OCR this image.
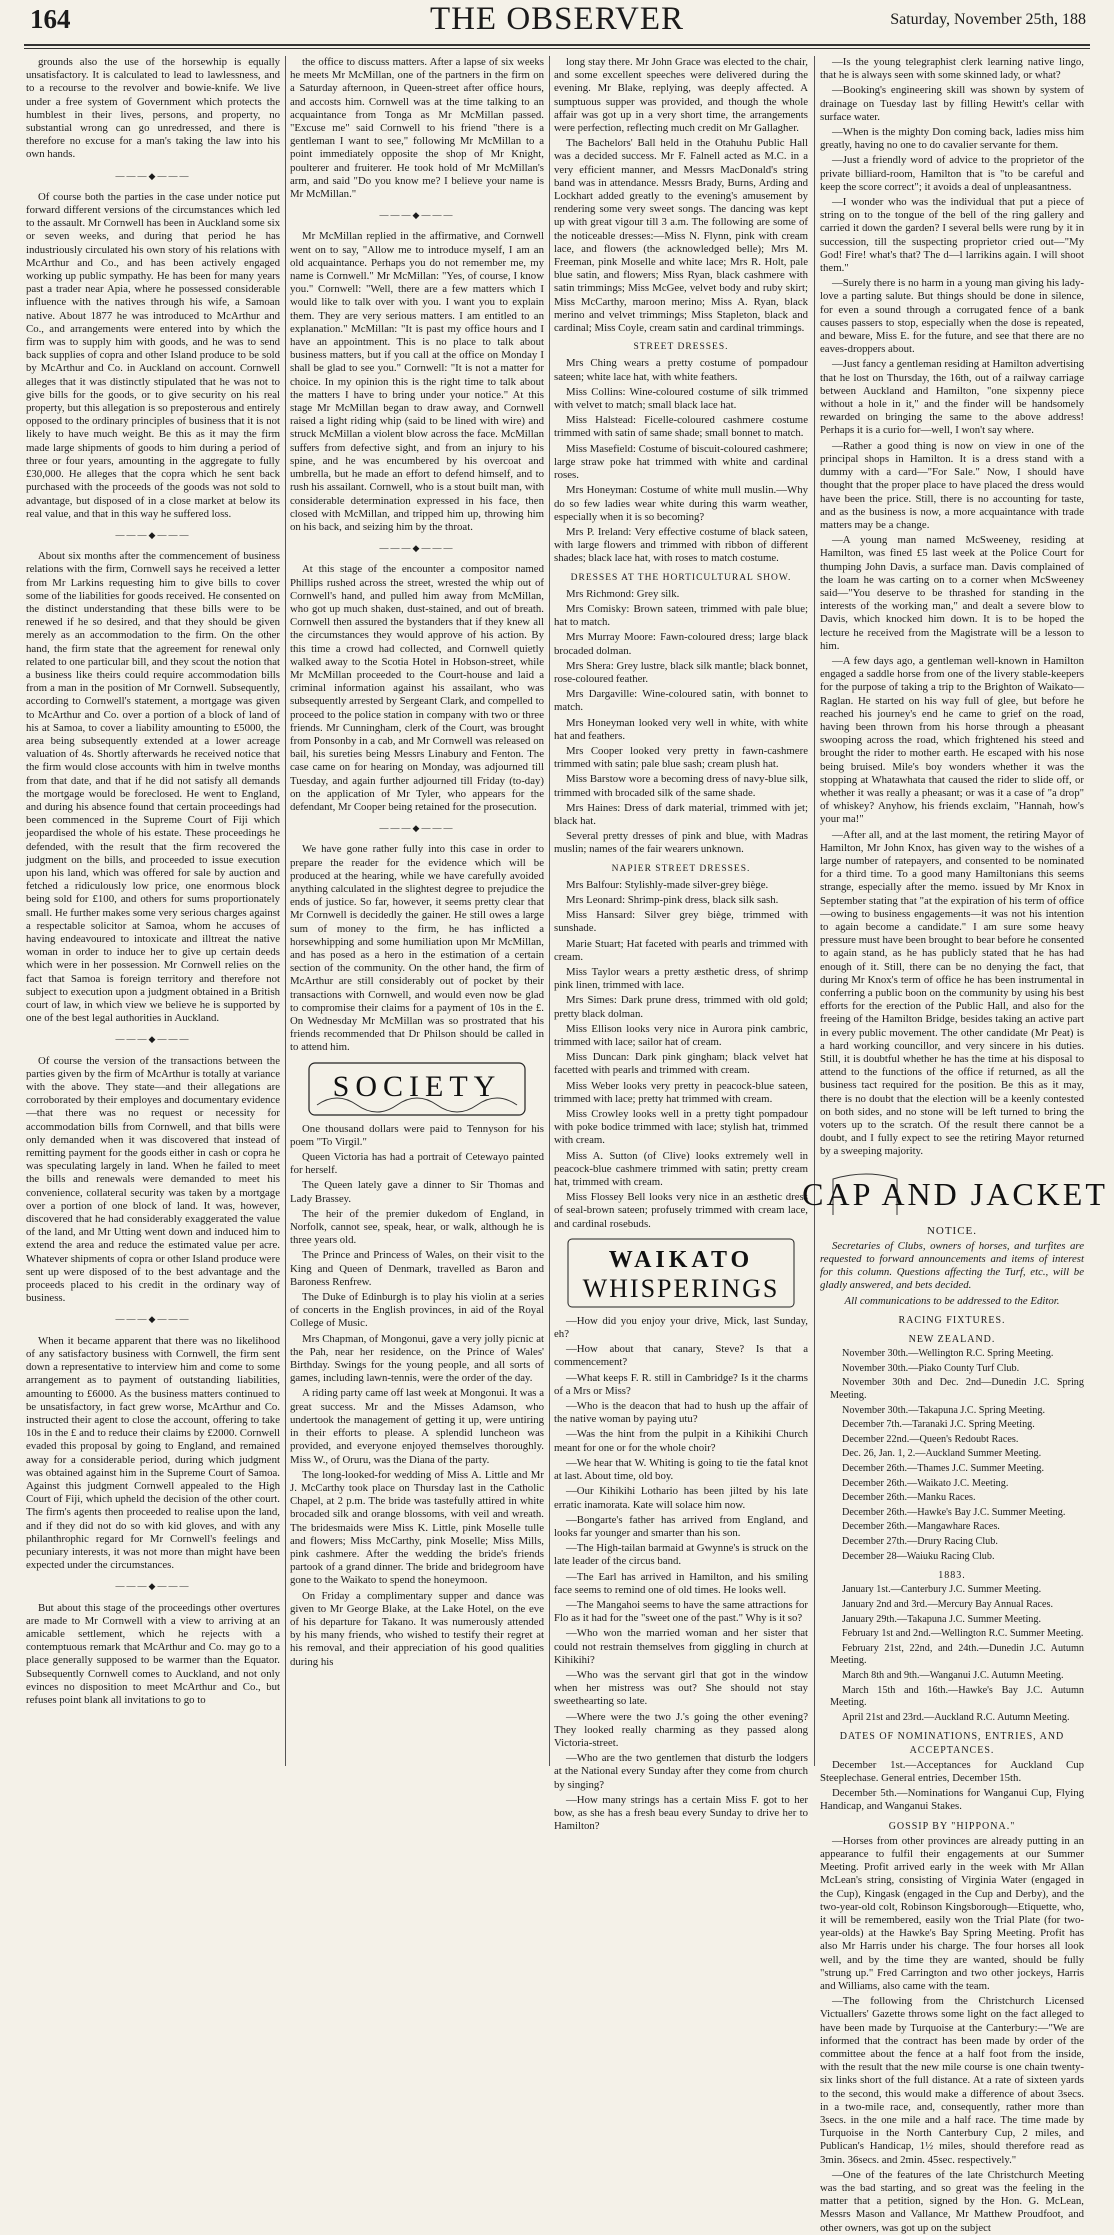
164	THE OBSERVER	Saturday, November 25th, 188

grounds also the use of the horsewhip is equally unsatisfactory. It is calculated to lead to lawlessness, and to a recourse to the revolver and bowie-knife. We live under a free system of Government which protects the humblest in their lives, persons, and property, no substantial wrong can go unredressed, and there is therefore no excuse for a man's taking the law into his own hands.

———◆———

Of course both the parties in the case under notice put forward different versions of the circumstances which led to the assault. Mr Cornwell has been in Auckland some six or seven weeks, and during that period he has industriously circulated his own story of his relations with McArthur and Co., and has been actively engaged working up public sympathy. He has been for many years past a trader near Apia, where he possessed considerable influence with the natives through his wife, a Samoan native. About 1877 he was introduced to McArthur and Co., and arrangements were entered into by which the firm was to supply him with goods, and he was to send back supplies of copra and other Island produce to be sold by McArthur and Co. in Auckland on account. Cornwell alleges that it was distinctly stipulated that he was not to give bills for the goods, or to give security on his real property, but this allegation is so preposterous and entirely opposed to the ordinary principles of business that it is not likely to have much weight. Be this as it may the firm made large shipments of goods to him during a period of three or four years, amounting in the aggregate to fully £30,000. He alleges that the copra which he sent back purchased with the proceeds of the goods was not sold to advantage, but disposed of in a close market at below its real value, and that in this way he suffered loss.

———◆———

About six months after the commencement of business relations with the firm, Cornwell says he received a letter from Mr Larkins requesting him to give bills to cover some of the liabilities for goods received. He consented on the distinct understanding that these bills were to be renewed if he so desired, and that they should be given merely as an accommodation to the firm. On the other hand, the firm state that the agreement for renewal only related to one particular bill, and they scout the notion that a business like theirs could require accommodation bills from a man in the position of Mr Cornwell. Subsequently, according to Cornwell's statement, a mortgage was given to McArthur and Co. over a portion of a block of land of his at Samoa, to cover a liability amounting to £5000, the area being subsequently extended at a lower acreage valuation of 4s. Shortly afterwards he received notice that the firm would close accounts with him in twelve months from that date, and that if he did not satisfy all demands the mortgage would be foreclosed. He went to England, and during his absence found that certain proceedings had been commenced in the Supreme Court of Fiji which jeopardised the whole of his estate. These proceedings he defended, with the result that the firm recovered the judgment on the bills, and proceeded to issue execution upon his land, which was offered for sale by auction and fetched a ridiculously low price, one enormous block being sold for £100, and others for sums proportionately small. He further makes some very serious charges against a respectable solicitor at Samoa, whom he accuses of having endeavoured to intoxicate and illtreat the native woman in order to induce her to give up certain deeds which were in her possession. Mr Cornwell relies on the fact that Samoa is foreign territory and therefore not subject to execution upon a judgment obtained in a British court of law, in which view we believe he is supported by one of the best legal authorities in Auckland.

———◆———

Of course the version of the transactions between the parties given by the firm of McArthur is totally at variance with the above. They state—and their allegations are corroborated by their employes and documentary evidence—that there was no request or necessity for accommodation bills from Cornwell, and that bills were only demanded when it was discovered that instead of remitting payment for the goods either in cash or copra he was speculating largely in land. When he failed to meet the bills and renewals were demanded to meet his convenience, collateral security was taken by a mortgage over a portion of one block of land. It was, however, discovered that he had considerably exaggerated the value of the land, and Mr Utting went down and induced him to extend the area and reduce the estimated value per acre. Whatever shipments of copra or other Island produce were sent up were disposed of to the best advantage and the proceeds placed to his credit in the ordinary way of business.

———◆———

When it became apparent that there was no likelihood of any satisfactory business with Cornwell, the firm sent down a representative to interview him and come to some arrangement as to payment of outstanding liabilities, amounting to £6000. As the business matters continued to be unsatisfactory, in fact grew worse, McArthur and Co. instructed their agent to close the account, offering to take 10s in the £ and to reduce their claims by £2000. Cornwell evaded this proposal by going to England, and remained away for a considerable period, during which judgment was obtained against him in the Supreme Court of Samoa. Against this judgment Cornwell appealed to the High Court of Fiji, which upheld the decision of the other court. The firm's agents then proceeded to realise upon the land, and if they did not do so with kid gloves, and with any philanthrophic regard for Mr Cornwell's feelings and pecuniary interests, it was not more than might have been expected under the circumstances.

———◆———

But about this stage of the proceedings other overtures are made to Mr Cornwell with a view to arriving at an amicable settlement, which he rejects with a contemptuous remark that McArthur and Co. may go to a place generally supposed to be warmer than the Equator. Subsequently Cornwell comes to Auckland, and not only evinces no disposition to meet McArthur and Co., but refuses point blank all invitations to go to

the office to discuss matters. After a lapse of six weeks he meets Mr McMillan, one of the partners in the firm on a Saturday afternoon, in Queen-street after office hours, and accosts him. Cornwell was at the time talking to an acquaintance from Tonga as Mr McMillan passed. "Excuse me" said Cornwell to his friend "there is a gentleman I want to see," following Mr McMillan to a point immediately opposite the shop of Mr Knight, poulterer and fruiterer. He took hold of Mr McMillan's arm, and said "Do you know me? I believe your name is Mr McMillan."

———◆———

Mr McMillan replied in the affirmative, and Cornwell went on to say, "Allow me to introduce myself, I am an old acquaintance. Perhaps you do not remember me, my name is Cornwell." Mr McMillan: "Yes, of course, I know you." Cornwell: "Well, there are a few matters which I would like to talk over with you. I want you to explain them. They are very serious matters. I am entitled to an explanation." McMillan: "It is past my office hours and I have an appointment. This is no place to talk about business matters, but if you call at the office on Monday I shall be glad to see you." Cornwell: "It is not a matter for choice. In my opinion this is the right time to talk about the matters I have to bring under your notice." At this stage Mr McMillan began to draw away, and Cornwell raised a light riding whip (said to be lined with wire) and struck McMillan a violent blow across the face. McMillan suffers from defective sight, and from an injury to his spine, and he was encumbered by his overcoat and umbrella, but he made an effort to defend himself, and to rush his assailant. Cornwell, who is a stout built man, with considerable determination expressed in his face, then closed with McMillan, and tripped him up, throwing him on his back, and seizing him by the throat.

———◆———

At this stage of the encounter a compositor named Phillips rushed across the street, wrested the whip out of Cornwell's hand, and pulled him away from McMillan, who got up much shaken, dust-stained, and out of breath. Cornwell then assured the bystanders that if they knew all the circumstances they would approve of his action. By this time a crowd had collected, and Cornwell quietly walked away to the Scotia Hotel in Hobson-street, while Mr McMillan proceeded to the Court-house and laid a criminal information against his assailant, who was subsequently arrested by Sergeant Clark, and compelled to proceed to the police station in company with two or three friends. Mr Cunningham, clerk of the Court, was brought from Ponsonby in a cab, and Mr Cornwell was released on bail, his sureties being Messrs Linabury and Fenton. The case came on for hearing on Monday, was adjourned till Tuesday, and again further adjourned till Friday (to-day) on the application of Mr Tyler, who appears for the defendant, Mr Cooper being retained for the prosecution.

———◆———

We have gone rather fully into this case in order to prepare the reader for the evidence which will be produced at the hearing, while we have carefully avoided anything calculated in the slightest degree to prejudice the ends of justice. So far, however, it seems pretty clear that Mr Cornwell is decidedly the gainer. He still owes a large sum of money to the firm, he has inflicted a horsewhipping and some humiliation upon Mr McMillan, and has posed as a hero in the estimation of a certain section of the community. On the other hand, the firm of McArthur are still considerably out of pocket by their transactions with Cornwell, and would even now be glad to compromise their claims for a payment of 10s in the £. On Wednesday Mr McMillan was so prostrated that his friends recommended that Dr Philson should be called in to attend him.

SOCIETY

One thousand dollars were paid to Tennyson for his poem "To Virgil."

Queen Victoria has had a portrait of Cetewayo painted for herself.

The Queen lately gave a dinner to Sir Thomas and Lady Brassey.

The heir of the premier dukedom of England, in Norfolk, cannot see, speak, hear, or walk, although he is three years old.

The Prince and Princess of Wales, on their visit to the King and Queen of Denmark, travelled as Baron and Baroness Renfrew.

The Duke of Edinburgh is to play his violin at a series of concerts in the English provinces, in aid of the Royal College of Music.

Mrs Chapman, of Mongonui, gave a very jolly picnic at the Pah, near her residence, on the Prince of Wales' Birthday. Swings for the young people, and all sorts of games, including lawn-tennis, were the order of the day.

A riding party came off last week at Mongonui. It was a great success. Mr and the Misses Adamson, who undertook the management of getting it up, were untiring in their efforts to please. A splendid luncheon was provided, and everyone enjoyed themselves thoroughly. Miss W., of Oruru, was the Diana of the party.

The long-looked-for wedding of Miss A. Little and Mr J. McCarthy took place on Thursday last in the Catholic Chapel, at 2 p.m. The bride was tastefully attired in white brocaded silk and orange blossoms, with veil and wreath. The bridesmaids were Miss K. Little, pink Moselle tulle and flowers; Miss McCarthy, pink Moselle; Miss Mills, pink cashmere. After the wedding the bride's friends partook of a grand dinner. The bride and bridegroom have gone to the Waikato to spend the honeymoon.

On Friday a complimentary supper and dance was given to Mr George Blake, at the Lake Hotel, on the eve of his departure for Takano. It was numerously attended by his many friends, who wished to testify their regret at his removal, and their appreciation of his good qualities during his

long stay there. Mr John Grace was elected to the chair, and some excellent speeches were delivered during the evening. Mr Blake, replying, was deeply affected. A sumptuous supper was provided, and though the whole affair was got up in a very short time, the arrangements were perfection, reflecting much credit on Mr Gallagher.

The Bachelors' Ball held in the Otahuhu Public Hall was a decided success. Mr F. Falnell acted as M.C. in a very efficient manner, and Messrs MacDonald's string band was in attendance. Messrs Brady, Burns, Arding and Lockhart added greatly to the evening's amusement by rendering some very sweet songs. The dancing was kept up with great vigour till 3 a.m. The following are some of the noticeable dresses:—Miss N. Flynn, pink with cream lace, and flowers (the acknowledged belle); Mrs M. Freeman, pink Moselle and white lace; Mrs R. Holt, pale blue satin, and flowers; Miss Ryan, black cashmere with satin trimmings; Miss McGee, velvet body and ruby skirt; Miss McCarthy, maroon merino; Miss A. Ryan, black merino and velvet trimmings; Miss Stapleton, black and cardinal; Miss Coyle, cream satin and cardinal trimmings.

STREET DRESSES.

Mrs Ching wears a pretty costume of pompadour sateen; white lace hat, with white feathers.

Miss Collins: Wine-coloured costume of silk trimmed with velvet to match; small black lace hat.

Miss Halstead: Ficelle-coloured cashmere costume trimmed with satin of same shade; small bonnet to match.

Miss Masefield: Costume of biscuit-coloured cashmere; large straw poke hat trimmed with white and cardinal roses.

Mrs Honeyman: Costume of white mull muslin.—Why do so few ladies wear white during this warm weather, especially when it is so becoming?

Mrs P. Ireland: Very effective costume of black sateen, with large flowers and trimmed with ribbon of different shades; black lace hat, with roses to match costume.

DRESSES AT THE HORTICULTURAL SHOW.

Mrs Richmond: Grey silk.

Mrs Comisky: Brown sateen, trimmed with pale blue; hat to match.

Mrs Murray Moore: Fawn-coloured dress; large black brocaded dolman.

Mrs Shera: Grey lustre, black silk mantle; black bonnet, rose-coloured feather.

Mrs Dargaville: Wine-coloured satin, with bonnet to match.

Mrs Honeyman looked very well in white, with white hat and feathers.

Mrs Cooper looked very pretty in fawn-cashmere trimmed with satin; pale blue sash; cream plush hat.

Miss Barstow wore a becoming dress of navy-blue silk, trimmed with brocaded silk of the same shade.

Mrs Haines: Dress of dark material, trimmed with jet; black hat.

Several pretty dresses of pink and blue, with Madras muslin; names of the fair wearers unknown.

NAPIER STREET DRESSES.

Mrs Balfour: Stylishly-made silver-grey biège.

Mrs Leonard: Shrimp-pink dress, black silk sash.

Miss Hansard: Silver grey biège, trimmed with sunshade.

Marie Stuart; Hat faceted with pearls and trimmed with cream.

Miss Taylor wears a pretty æsthetic dress, of shrimp pink linen, trimmed with lace.

Mrs Simes: Dark prune dress, trimmed with old gold; pretty black dolman.

Miss Ellison looks very nice in Aurora pink cambric, trimmed with lace; sailor hat of cream.

Miss Duncan: Dark pink gingham; black velvet hat facetted with pearls and trimmed with cream.

Miss Weber looks very pretty in peacock-blue sateen, trimmed with lace; pretty hat trimmed with cream.

Miss Crowley looks well in a pretty tight pompadour with poke bodice trimmed with lace; stylish hat, trimmed with cream.

Miss A. Sutton (of Clive) looks extremely well in peacock-blue cashmere trimmed with satin; pretty cream hat, trimmed with cream.

Miss Flossey Bell looks very nice in an æsthetic dress of seal-brown sateen; profusely trimmed with cream lace, and cardinal rosebuds.

WAIKATO
WHISPERINGS

—How did you enjoy your drive, Mick, last Sunday, eh?

—How about that canary, Steve? Is that a commencement?

—What keeps F. R. still in Cambridge? Is it the charms of a Mrs or Miss?

—Who is the deacon that had to hush up the affair of the native woman by paying utu?

—Was the hint from the pulpit in a Kihikihi Church meant for one or for the whole choir?

—We hear that W. Whiting is going to tie the fatal knot at last. About time, old boy.

—Our Kihikihi Lothario has been jilted by his late erratic inamorata. Kate will solace him now.

—Bongarte's father has arrived from England, and looks far younger and smarter than his son.

—The High-tailan barmaid at Gwynne's is struck on the late leader of the circus band.

—The Earl has arrived in Hamilton, and his smiling face seems to remind one of old times. He looks well.

—The Mangahoi seems to have the same attractions for Flo as it had for the "sweet one of the past." Why is it so?

—Who won the married woman and her sister that could not restrain themselves from giggling in church at Kihikihi?

—Who was the servant girl that got in the window when her mistress was out? She should not stay sweethearting so late.

—Where were the two J.'s going the other evening? They looked really charming as they passed along Victoria-street.

—Who are the two gentlemen that disturb the lodgers at the National every Sunday after they come from church by singing?

—How many strings has a certain Miss F. got to her bow, as she has a fresh beau every Sunday to drive her to Hamilton?

—Is the young telegraphist clerk learning native lingo, that he is always seen with some skinned lady, or what?

—Booking's engineering skill was shown by system of drainage on Tuesday last by filling Hewitt's cellar with surface water.

—When is the mighty Don coming back, ladies miss him greatly, having no one to do cavalier servante for them.

—Just a friendly word of advice to the proprietor of the private billiard-room, Hamilton that is "to be careful and keep the score correct"; it avoids a deal of unpleasantness.

—I wonder who was the individual that put a piece of string on to the tongue of the bell of the ring gallery and carried it down the garden? I several bells were rung by it in succession, till the suspecting proprietor cried out—"My God! Fire! what's that? The d—l larrikins again. I will shoot them."

—Surely there is no harm in a young man giving his lady-love a parting salute. But things should be done in silence, for even a sound through a corrugated fence of a bank causes passers to stop, especially when the dose is repeated, and beware, Miss E. for the future, and see that there are no eaves-droppers about.

—Just fancy a gentleman residing at Hamilton advertising that he lost on Thursday, the 16th, out of a railway carriage between Auckland and Hamilton, "one sixpenny piece without a hole in it," and the finder will be handsomely rewarded on bringing the same to the above address! Perhaps it is a curio for—well, I won't say where.

—Rather a good thing is now on view in one of the principal shops in Hamilton. It is a dress stand with a dummy with a card—"For Sale." Now, I should have thought that the proper place to have placed the dress would have been the price. Still, there is no accounting for taste, and as the business is now, a more acquaintance with trade matters may be a change.

—A young man named McSweeney, residing at Hamilton, was fined £5 last week at the Police Court for thumping John Davis, a surface man. Davis complained of the loam he was carting on to a corner when McSweeney said—"You deserve to be thrashed for standing in the interests of the working man," and dealt a severe blow to Davis, which knocked him down. It is to be hoped the lecture he received from the Magistrate will be a lesson to him.

—A few days ago, a gentleman well-known in Hamilton engaged a saddle horse from one of the livery stable-keepers for the purpose of taking a trip to the Brighton of Waikato—Raglan. He started on his way full of glee, but before he reached his journey's end he came to grief on the road, having been thrown from his horse through a pheasant swooping across the road, which frightened his steed and brought the rider to mother earth. He escaped with his nose being bruised. Mile's boy wonders whether it was the stopping at Whatawhata that caused the rider to slide off, or whether it was really a pheasant; or was it a case of "a drop" of whiskey? Anyhow, his friends exclaim, "Hannah, how's your ma!"

—After all, and at the last moment, the retiring Mayor of Hamilton, Mr John Knox, has given way to the wishes of a large number of ratepayers, and consented to be nominated for a third time. To a good many Hamiltonians this seems strange, especially after the memo. issued by Mr Knox in September stating that "at the expiration of his term of office—owing to business engagements—it was not his intention to again become a candidate." I am sure some heavy pressure must have been brought to bear before he consented to again stand, as he has publicly stated that he has had enough of it. Still, there can be no denying the fact, that during Mr Knox's term of office he has been instrumental in conferring a public boon on the community by using his best efforts for the erection of the Public Hall, and also for the freeing of the Hamilton Bridge, besides taking an active part in every public movement. The other candidate (Mr Peat) is a hard working councillor, and very sincere in his duties. Still, it is doubtful whether he has the time at his disposal to attend to the functions of the office if returned, as all the business tact required for the position. Be this as it may, there is no doubt that the election will be a keenly contested on both sides, and no stone will be left turned to bring the voters up to the scratch. Of the result there cannot be a doubt, and I fully expect to see the retiring Mayor returned by a sweeping majority.

CAP AND JACKET
NOTICE.

Secretaries of Clubs, owners of horses, and turfites are requested to forward announcements and items of interest for this column. Questions affecting the Turf, etc., will be gladly answered, and bets decided.

All communications to be addressed to the Editor.

RACING FIXTURES.
NEW ZEALAND.

November 30th.—Wellington R.C. Spring Meeting.

November 30th.—Piako County Turf Club.

November 30th and Dec. 2nd—Dunedin J.C. Spring Meeting.

November 30th.—Takapuna J.C. Spring Meeting.

December 7th.—Taranaki J.C. Spring Meeting.

December 22nd.—Queen's Redoubt Races.

Dec. 26, Jan. 1, 2.—Auckland Summer Meeting.

December 26th.—Thames J.C. Summer Meeting.

December 26th.—Waikato J.C. Meeting.

December 26th.—Manku Races.

December 26th.—Hawke's Bay J.C. Summer Meeting.

December 26th.—Mangawhare Races.

December 27th.—Drury Racing Club.

December 28—Waiuku Racing Club.

1883.

January 1st.—Canterbury J.C. Summer Meeting.

January 2nd and 3rd.—Mercury Bay Annual Races.

January 29th.—Takapuna J.C. Summer Meeting.

February 1st and 2nd.—Wellington R.C. Summer Meeting.

February 21st, 22nd, and 24th.—Dunedin J.C. Autumn Meeting.

March 8th and 9th.—Wanganui J.C. Autumn Meeting.

March 15th and 16th.—Hawke's Bay J.C. Autumn Meeting.

April 21st and 23rd.—Auckland R.C. Autumn Meeting.

DATES OF NOMINATIONS, ENTRIES, AND ACCEPTANCES.

December 1st.—Acceptances for Auckland Cup Steeplechase. General entries, December 15th.

December 5th.—Nominations for Wanganui Cup, Flying Handicap, and Wanganui Stakes.

GOSSIP BY "HIPPONA."

—Horses from other provinces are already putting in an appearance to fulfil their engagements at our Summer Meeting. Profit arrived early in the week with Mr Allan McLean's string, consisting of Virginia Water (engaged in the Cup), Kingask (engaged in the Cup and Derby), and the two-year-old colt, Robinson Kingsborough—Etiquette, who, it will be remembered, easily won the Trial Plate (for two-year-olds) at the Hawke's Bay Spring Meeting. Profit has also Mr Harris under his charge. The four horses all look well, and by the time they are wanted, should be fully "strung up." Fred Carrington and two other jockeys, Harris and Williams, also came with the team.

—The following from the Christchurch Licensed Victuallers' Gazette throws some light on the fact alleged to have been made by Turquoise at the Canterbury:—"We are informed that the contract has been made by order of the committee about the fence at a half foot from the inside, with the result that the new mile course is one chain twenty-six links short of the full distance. At a rate of sixteen yards to the second, this would make a difference of about 3secs. in a two-mile race, and, consequently, rather more than 3secs. in the one mile and a half race. The time made by Turquoise in the North Canterbury Cup, 2 miles, and Publican's Handicap, 1½ miles, should therefore read as 3min. 36secs. and 2min. 45sec. respectively."

—One of the features of the late Christchurch Meeting was the bad starting, and so great was the feeling in the matter that a petition, signed by the Hon. G. McLean, Messrs Mason and Vallance, Mr Matthew Proudfoot, and other owners, was got up on the subject
